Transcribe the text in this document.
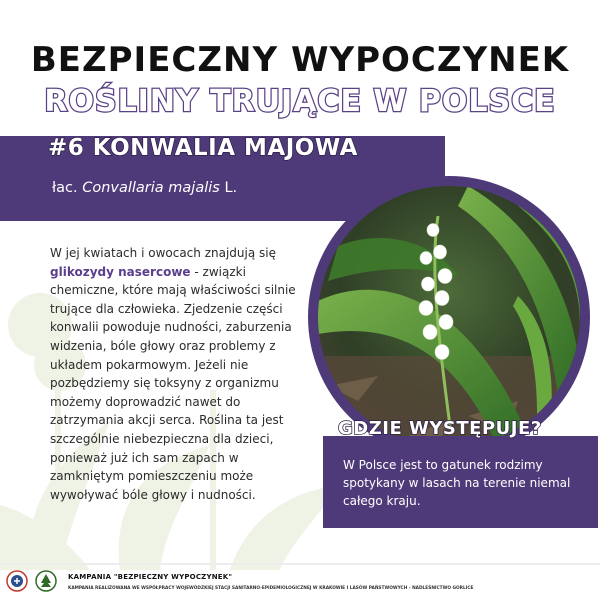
BEZPIECZNY WYPOCZYNEK
ROŚLINY TRUJĄCE W POLSCE
#6 KONWALIA MAJOWA
łac. Convallaria majalis L.
W jej kwiatach i owocach znajdują się glikozydy nasercowe - związki chemiczne, które mają właściwości silnie trujące dla człowieka. Zjedzenie części konwalii powoduje nudności, zaburzenia widzenia, bóle głowy oraz problemy z układem pokarmowym. Jeżeli nie pozbędziemy się toksyny z organizmu możemy doprowadzić nawet do zatrzymania akcji serca. Roślina ta jest szczególnie niebezpieczna dla dzieci, ponieważ już ich sam zapach w zamkniętym pomieszczeniu może wywoływać bóle głowy i nudności.
GDZIE WYSTĘPUJE?
W Polsce jest to gatunek rodzimy spotykany w lasach na terenie niemal całego kraju.
KAMPANIA "BEZPIECZNY WYPOCZYNEK"
KAMPANIA REALIZOWANA WE WSPÓŁPRACY WOJEWÓDZKIEJ STACJI SANITARNO-EPIDEMIOLOGICZNEJ W KRAKOWIE I LASÓW PAŃSTWOWYCH - NADLEŚNICTWO GORLICE
